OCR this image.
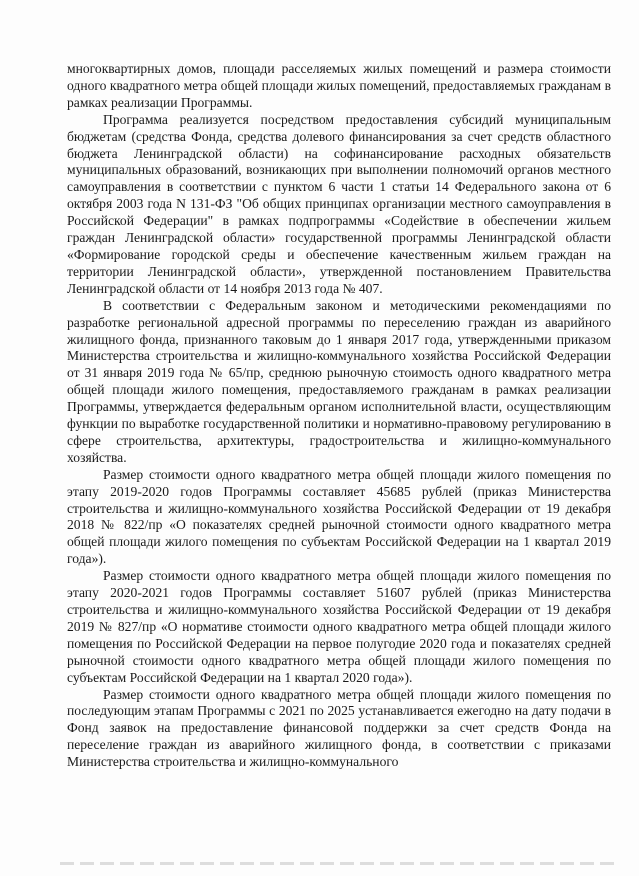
многоквартирных домов, площади расселяемых жилых помещений и размера стоимости одного квадратного метра общей площади жилых помещений, предоставляемых гражданам в рамках реализации Программы.

Программа реализуется посредством предоставления субсидий муниципальным бюджетам (средства Фонда, средства долевого финансирования за счет средств областного бюджета Ленинградской области) на софинансирование расходных обязательств муниципальных образований, возникающих при выполнении полномочий органов местного самоуправления в соответствии с пунктом 6 части 1 статьи 14 Федерального закона от 6 октября 2003 года N 131-ФЗ "Об общих принципах организации местного самоуправления в Российской Федерации" в рамках подпрограммы «Содействие в обеспечении жильем граждан Ленинградской области» государственной программы Ленинградской области «Формирование городской среды и обеспечение качественным жильем граждан на территории Ленинградской области», утвержденной постановлением Правительства Ленинградской области от 14 ноября 2013 года № 407.

В соответствии с Федеральным законом и методическими рекомендациями по разработке региональной адресной программы по переселению граждан из аварийного жилищного фонда, признанного таковым до 1 января 2017 года, утвержденными приказом Министерства строительства и жилищно-коммунального хозяйства Российской Федерации от 31 января 2019 года № 65/пр, среднюю рыночную стоимость одного квадратного метра общей площади жилого помещения, предоставляемого гражданам в рамках реализации Программы, утверждается федеральным органом исполнительной власти, осуществляющим функции по выработке государственной политики и нормативно-правовому регулированию в сфере строительства, архитектуры, градостроительства и жилищно-коммунального хозяйства.

Размер стоимости одного квадратного метра общей площади жилого помещения по этапу 2019-2020 годов Программы составляет 45685 рублей (приказ Министерства строительства и жилищно-коммунального хозяйства Российской Федерации от 19 декабря 2018 № 822/пр «О показателях средней рыночной стоимости одного квадратного метра общей площади жилого помещения по субъектам Российской Федерации на 1 квартал 2019 года»).

Размер стоимости одного квадратного метра общей площади жилого помещения по этапу 2020-2021 годов Программы составляет 51607 рублей (приказ Министерства строительства и жилищно-коммунального хозяйства Российской Федерации от 19 декабря 2019 № 827/пр «О нормативе стоимости одного квадратного метра общей площади жилого помещения по Российской Федерации на первое полугодие 2020 года и показателях средней рыночной стоимости одного квадратного метра общей площади жилого помещения по субъектам Российской Федерации на 1 квартал 2020 года»).

Размер стоимости одного квадратного метра общей площади жилого помещения по последующим этапам Программы с 2021 по 2025 устанавливается ежегодно на дату подачи в Фонд заявок на предоставление финансовой поддержки за счет средств Фонда на переселение граждан из аварийного жилищного фонда, в соответствии с приказами Министерства строительства и жилищно-коммунального
